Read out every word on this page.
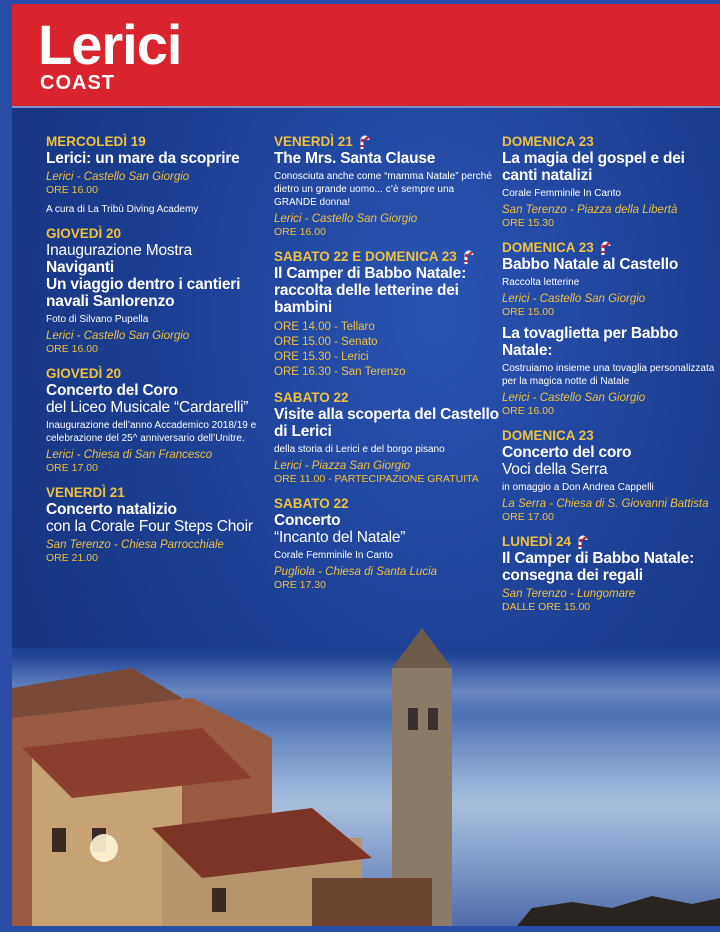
Lerici
COAST
MERCOLEDÌ 19
Lerici: un mare da scoprire
Lerici - Castello San Giorgio
ORE 16.00
A cura di La Tribù Diving Academy
GIOVEDÌ 20
Inaugurazione Mostra
Naviganti
Un viaggio dentro i cantieri navali Sanlorenzo
Foto di Silvano Pupella
Lerici - Castello San Giorgio
ORE 16.00
GIOVEDÌ 20
Concerto del Coro
del Liceo Musicale “Cardarelli”
Inaugurazione dell’anno Accademico 2018/19 e celebrazione del 25^ anniversario dell’Unitre.
Lerici - Chiesa di San Francesco
ORE 17.00
VENERDÌ 21
Concerto natalizio
con la Corale Four Steps Choir
San Terenzo - Chiesa Parrocchiale
ORE 21.00
VENERDÌ 21
The Mrs. Santa Clause
Conosciuta anche come “mamma Natale” perché dietro un grande uomo... c’è sempre una GRANDE donna!
Lerici - Castello San Giorgio
ORE 16.00
SABATO 22 E DOMENICA 23
Il Camper di Babbo Natale: raccolta delle letterine dei bambini
ORE 14.00 - Tellaro
ORE 15.00 - Senato
ORE 15.30 - Lerici
ORE 16.30 - San Terenzo
SABATO 22
Visite alla scoperta del Castello di Lerici
della storia di Lerici e del borgo pisano
Lerici - Piazza San Giorgio
ORE 11.00 - PARTECIPAZIONE GRATUITA
SABATO 22
Concerto
“Incanto del Natale”
Corale Femminile In Canto
Pugliola - Chiesa di Santa Lucia
ORE 17.30
DOMENICA 23
La magia del gospel e dei canti natalizi
Corale Femminile In Canto
San Terenzo - Piazza della Libertà
ORE 15.30
DOMENICA 23
Babbo Natale al Castello
Raccolta letterine
Lerici - Castello San Giorgio
ORE 15.00
La tovaglietta per Babbo Natale:
Costruiamo insieme una tovaglia personalizzata per la magica notte di Natale
Lerici - Castello San Giorgio
ORE 16.00
DOMENICA 23
Concerto del coro
Voci della Serra
in omaggio a Don Andrea Cappelli
La Serra - Chiesa di S. Giovanni Battista
ORE 17.00
LUNEDÌ 24
Il Camper di Babbo Natale: consegna dei regali
San Terenzo - Lungomare
DALLE ORE 15.00
